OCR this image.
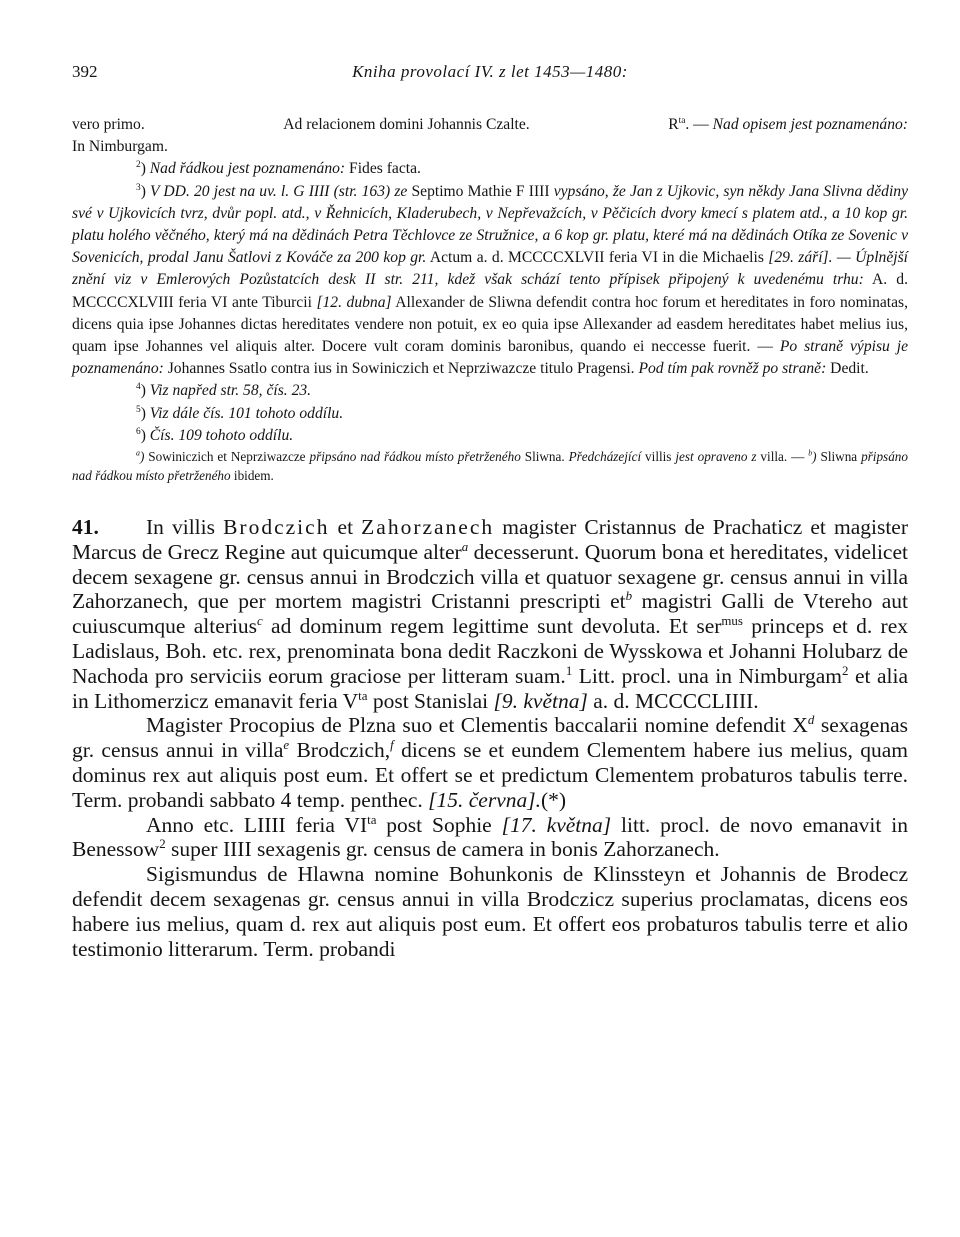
392	Kniha provolací IV. z let 1453—1480:
vero primo.	Ad relacionem domini Johannis Czalte.	$R^{ta}$. — Nad opisem jest poznamenáno:

In Nimburgam.

$^2$) Nad řádkou jest poznamenáno: Fides facta.

$^3$) V DD. 20 jest na uv. l. G IIII (str. 163) ze Septimo Mathie F IIII vypsáno, že Jan z Ujkovic, syn někdy Jana Slivna dědiny své v Ujkovicích tvrz, dvůr popl. atd., v Řehnicích, Kladerubech, v Nepřevažcích, v Pěčicích dvory kmecí s platem atd., a 10 kop gr. platu holého věčného, který má na dědinách Petra Těchlovce ze Stružnice, a 6 kop gr. platu, které má na dědinách Otíka ze Sovenic v Sovenicích, prodal Janu Šatlovi z Kováče za 200 kop gr. Actum a. d. MCCCCXLVII feria VI in die Michaelis [29. září]. — Úplnější znění viz v Emlerových Pozůstatcích desk II str. 211, kdež však schází tento přípisek připojený k uvedenému trhu: A. d. MCCCCXLVIII feria VI ante Tiburcii [12. dubna] Allexander de Sliwna defendit contra hoc forum et hereditates in foro nominatas, dicens quia ipse Johannes dictas hereditates vendere non potuit, ex eo quia ipse Allexander ad easdem hereditates habet melius ius, quam ipse Johannes vel aliquis alter. Docere vult coram dominis baronibus, quando ei neccesse fuerit. — Po straně výpisu je poznamenáno: Johannes Ssatlo contra ius in Sowiniczich et Neprziwazcze titulo Pragensi. Pod tím pak rovněž po straně: Dedit.

$^4$) Viz napřed str. 58, čís. 23.

$^5$) Viz dále čís. 101 tohoto oddílu.

$^6$) Čís. 109 tohoto oddílu.

$^a$) Sowiniczich et Neprziwazcze připsáno nad řádkou místo přetrženého Sliwna. Předcházející villis jest opraveno z villa. — $^b$) Sliwna připsáno nad řádkou místo přetrženého ibidem.

41. In villis Brodczich et Zahorzanech magister Cristannus de Prachaticz et magister Marcus de Grecz Regine aut quicumque alter$^a$ decesserunt. Quorum bona et hereditates, videlicet decem sexagene gr. census annui in Brodczich villa et quatuor sexagene gr. census annui in villa Zahorzanech, que per mortem magistri Cristanni prescripti $et^b$ magistri Galli de Vtereho aut cuiuscumque alterius$^c$ ad dominum regem legittime sunt devoluta. Et ser$^{mus}$ princeps et d. rex Ladislaus, Boh. etc. rex, prenominata bona dedit Raczkoni de Wysskowa et Johanni Holubarz de Nachoda pro serviciis eorum graciose per litteram suam.$^1$ Litt. procl. una in Nimburgam$^2$ et alia in Lithomerzicz emanavit feria $V^{ta}$ post Stanislai [9. května] a. d. MCCCCLIIII.

Magister Procopius de Plzna suo et Clementis baccalarii nomine defendit $X^d$ sexagenas gr. census annui in villa$^e$ Brodczich,$^f$ dicens se et eundem Clementem habere ius melius, quam dominus rex aut aliquis post eum. Et offert se et predictum Clementem probaturos tabulis terre. Term. probandi sabbato 4 temp. penthec. [15. června].(*)

Anno etc. LIIII feria $VI^{ta}$ post Sophie [17. května] litt. procl. de novo emanavit in Benessow$^2$ super IIII sexagenis gr. census de camera in bonis Zahorzanech.

Sigismundus de Hlawna nomine Bohunkonis de Klinssteyn et Johannis de Brodecz defendit decem sexagenas gr. census annui in villa Brodczicz superius proclamatas, dicens eos habere ius melius, quam d. rex aut aliquis post eum. Et offert eos probaturos tabulis terre et alio testimonio litterarum. Term. probandi
